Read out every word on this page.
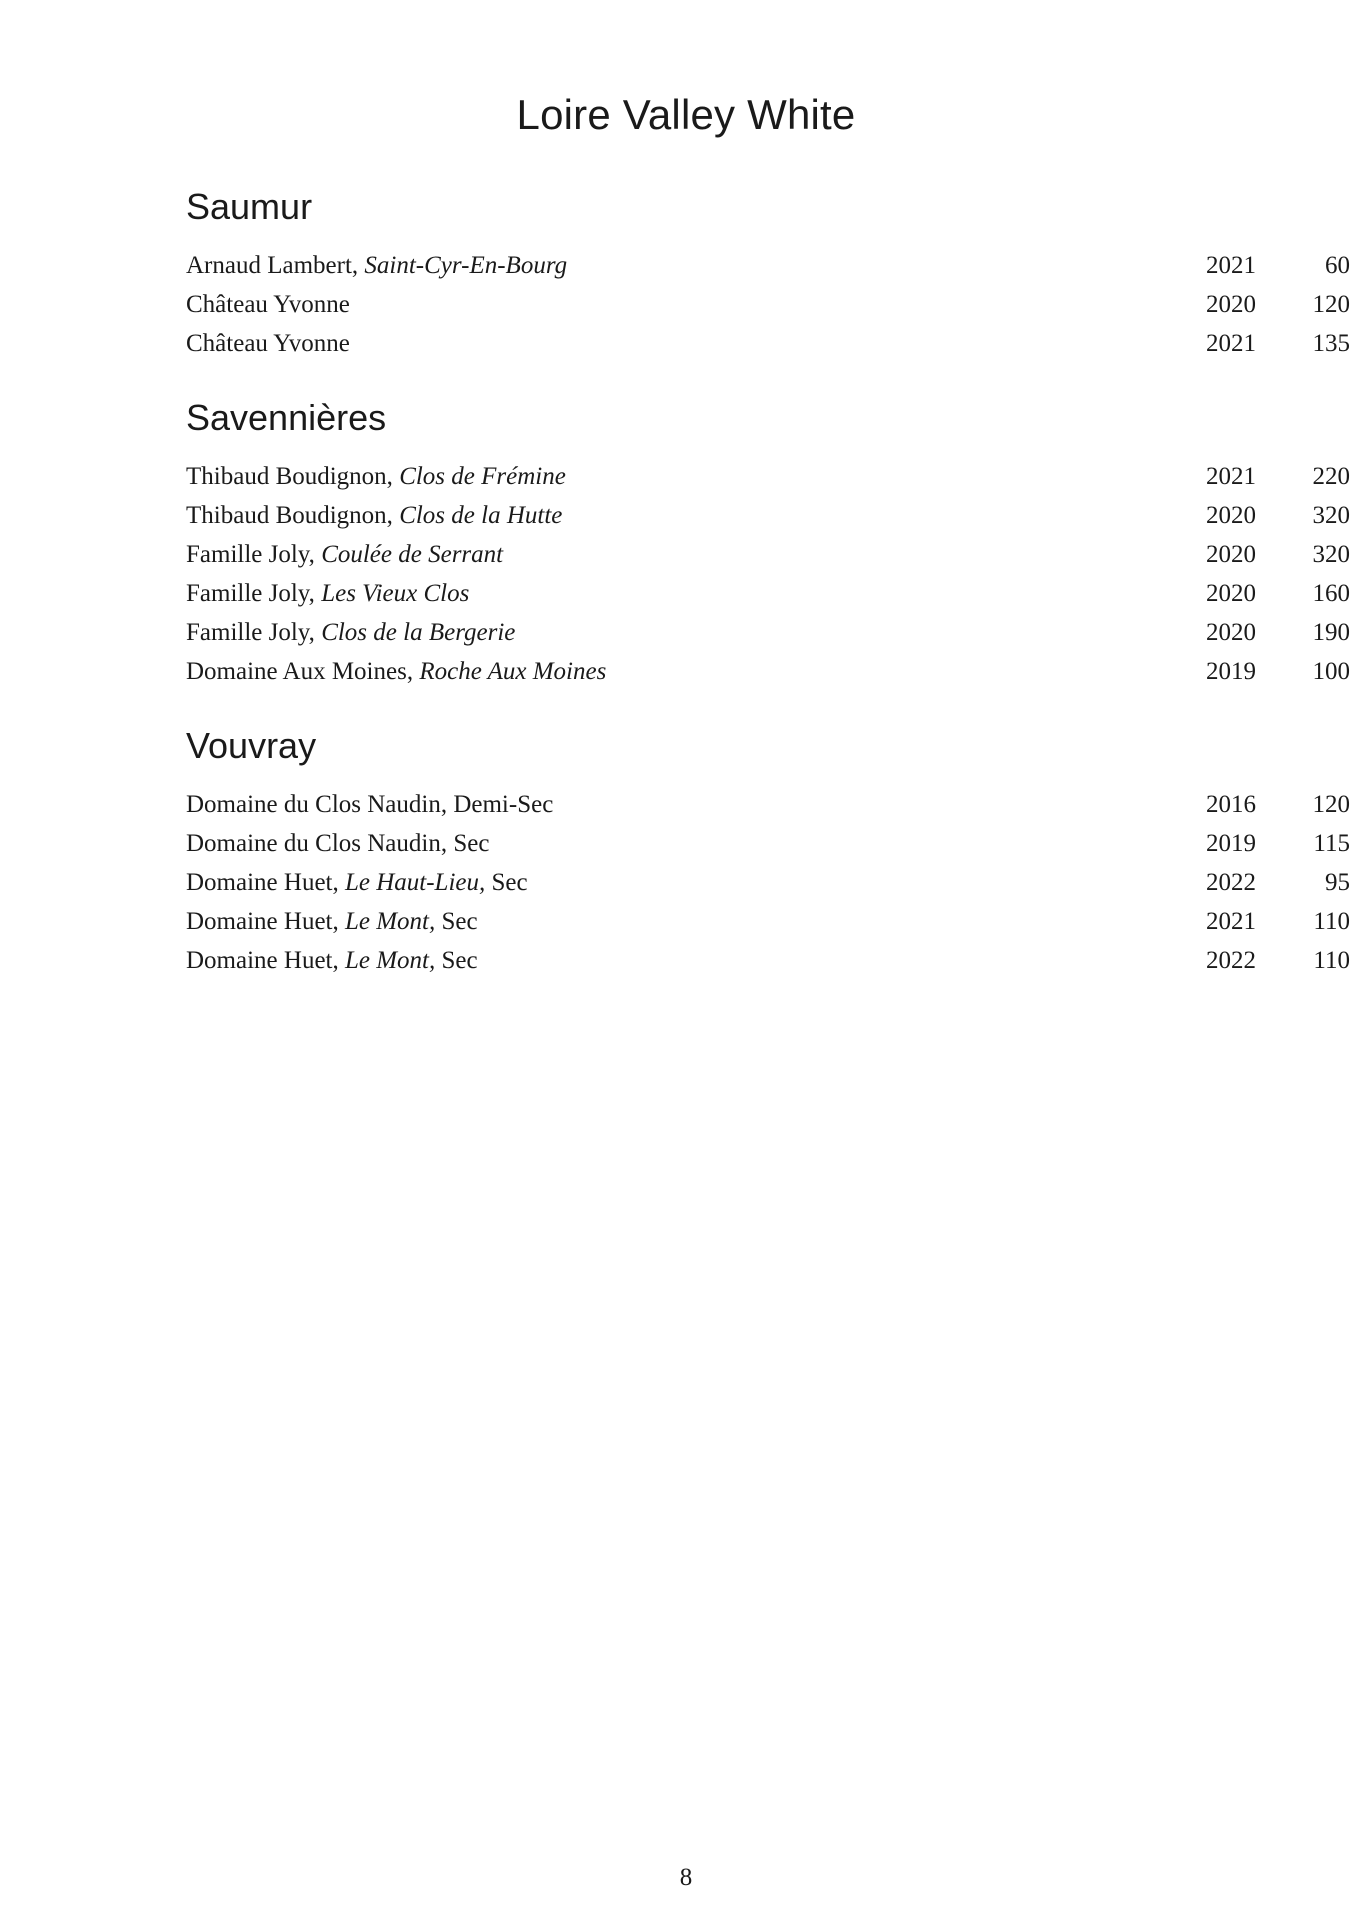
Loire Valley White
Saumur
Arnaud Lambert, Saint-Cyr-En-Bourg	2021	60
Château Yvonne	2020	120
Château Yvonne	2021	135
Savennières
Thibaud Boudignon, Clos de Frémine	2021	220
Thibaud Boudignon, Clos de la Hutte	2020	320
Famille Joly, Coulée de Serrant	2020	320
Famille Joly, Les Vieux Clos	2020	160
Famille Joly, Clos de la Bergerie	2020	190
Domaine Aux Moines, Roche Aux Moines	2019	100
Vouvray
Domaine du Clos Naudin, Demi-Sec	2016	120
Domaine du Clos Naudin, Sec	2019	115
Domaine Huet, Le Haut-Lieu, Sec	2022	95
Domaine Huet, Le Mont, Sec	2021	110
Domaine Huet, Le Mont, Sec	2022	110
8
